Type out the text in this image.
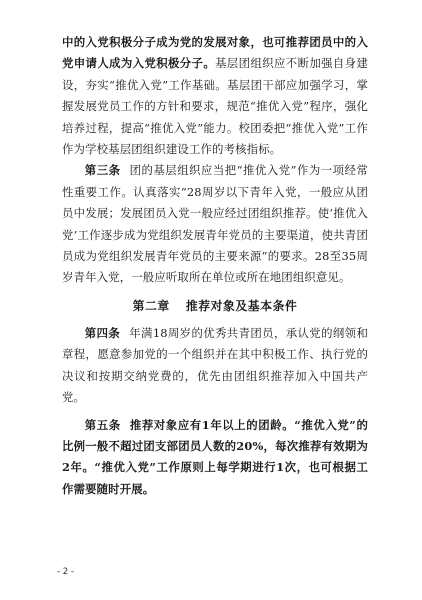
中的入党积极分子成为党的发展对象，也可推荐团员中的入党申请人成为入党积极分子。基层团组织应不断加强自身建设，夯实“推优入党”工作基础。基层团干部应加强学习，掌握发展党员工作的方针和要求，规范“推优入党”程序，强化培养过程，提高“推优入党”能力。校团委把“推优入党”工作作为学校基层团组织建设工作的考核指标。

第三条 团的基层组织应当把“推优入党”作为一项经常性重要工作。认真落实“28周岁以下青年入党，一般应从团员中发展；发展团员入党一般应经过团组织推荐。使‘推优入党’工作逐步成为党组织发展青年党员的主要渠道，使共青团员成为党组织发展青年党员的主要来源”的要求。28至35周岁青年入党，一般应听取所在单位或所在地团组织意见。

第二章 推荐对象及基本条件

第四条 年满18周岁的优秀共青团员，承认党的纲领和章程，愿意参加党的一个组织并在其中积极工作、执行党的决议和按期交纳党费的，优先由团组织推荐加入中国共产党。

第五条 推荐对象应有1年以上的团龄。“推优入党”的比例一般不超过团支部团员人数的20%，每次推荐有效期为2年。“推优入党”工作原则上每学期进行1次，也可根据工作需要随时开展。

- 2 -
